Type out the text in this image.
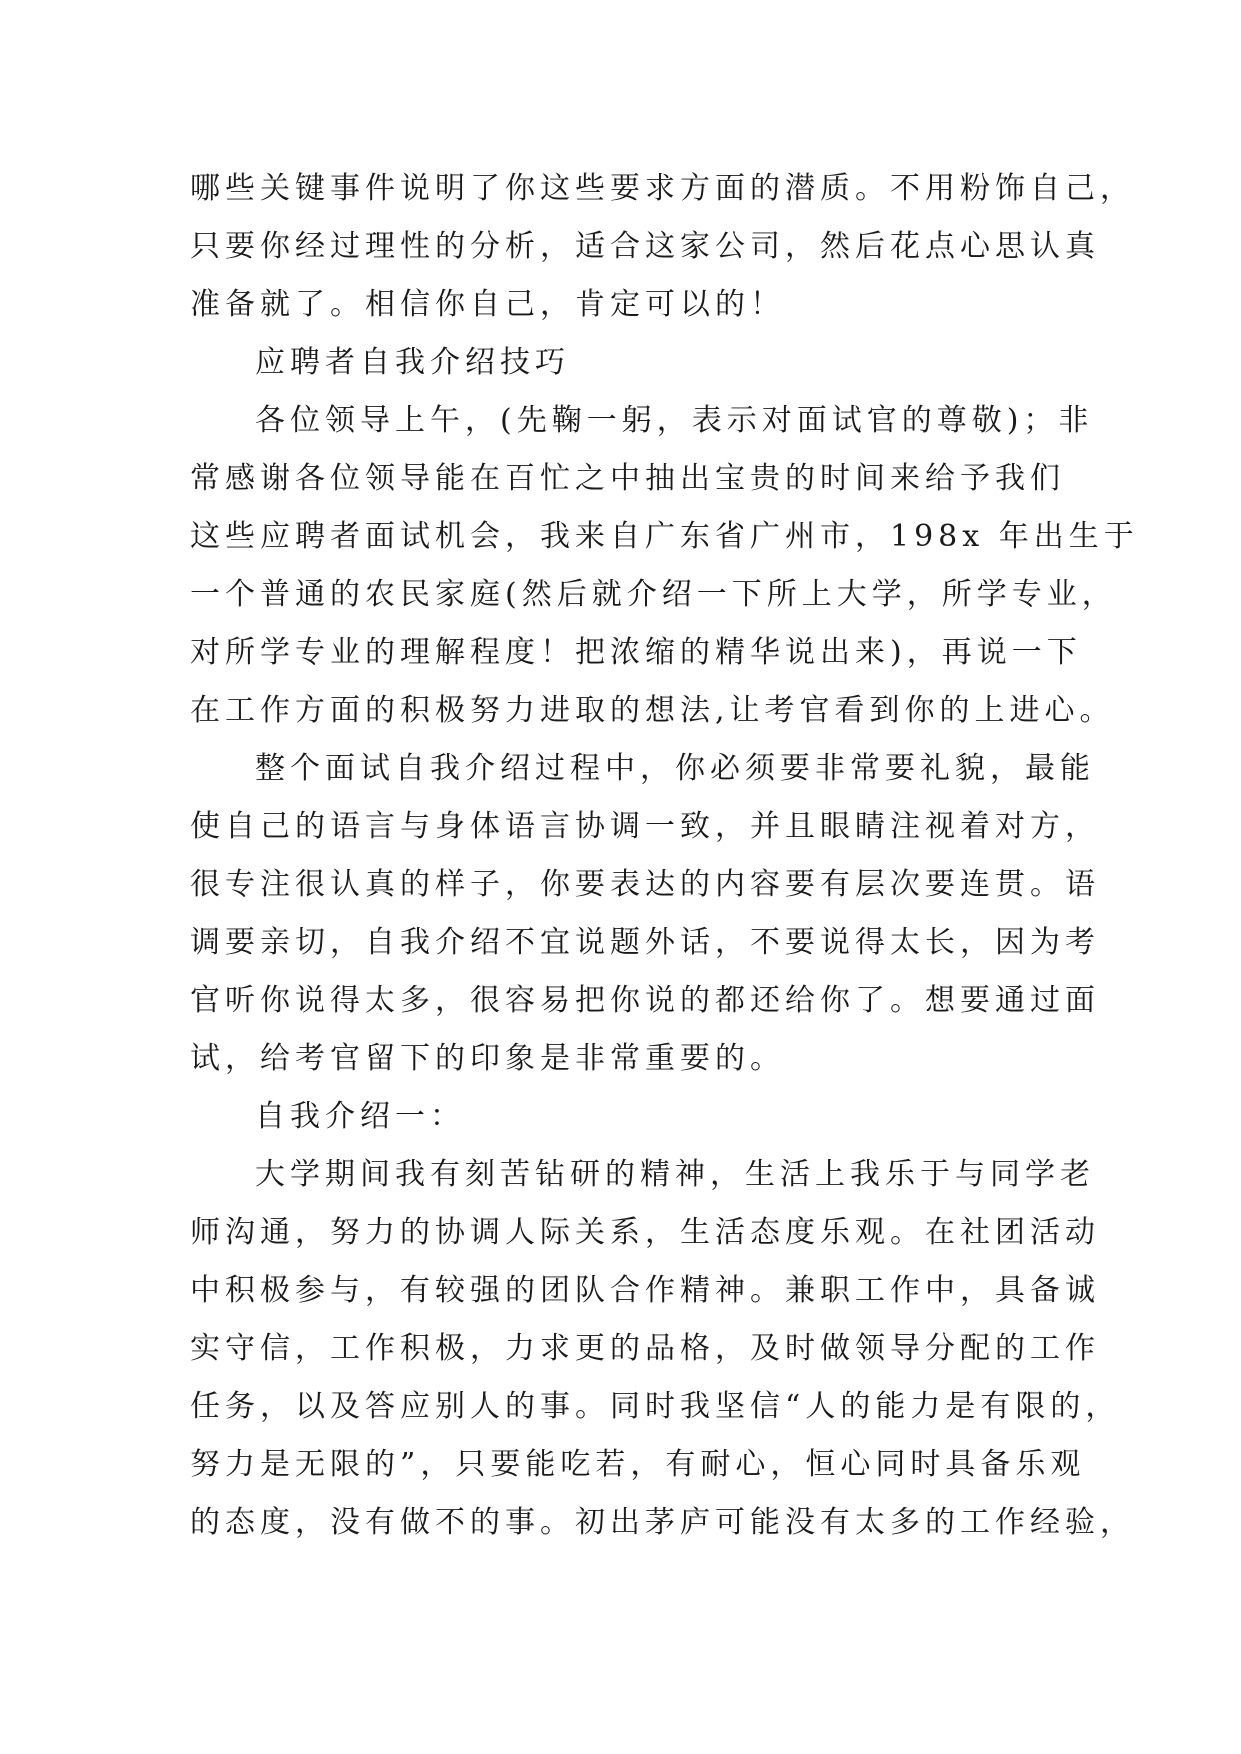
哪些关键事件说明了你这些要求方面的潜质。不用粉饰自己，
只要你经过理性的分析，适合这家公司，然后花点心思认真
准备就了。相信你自己，肯定可以的！
应聘者自我介绍技巧
各位领导上午，(先鞠一躬，表示对面试官的尊敬)；非
常感谢各位领导能在百忙之中抽出宝贵的时间来给予我们
这些应聘者面试机会，我来自广东省广州市，198x 年出生于
一个普通的农民家庭(然后就介绍一下所上大学，所学专业，
对所学专业的理解程度！把浓缩的精华说出来)，再说一下
在工作方面的积极努力进取的想法,让考官看到你的上进心。
整个面试自我介绍过程中，你必须要非常要礼貌，最能
使自己的语言与身体语言协调一致，并且眼睛注视着对方，
很专注很认真的样子，你要表达的内容要有层次要连贯。语
调要亲切，自我介绍不宜说题外话，不要说得太长，因为考
官听你说得太多，很容易把你说的都还给你了。想要通过面
试，给考官留下的印象是非常重要的。
自我介绍一：
大学期间我有刻苦钻研的精神，生活上我乐于与同学老
师沟通，努力的协调人际关系，生活态度乐观。在社团活动
中积极参与，有较强的团队合作精神。兼职工作中，具备诚
实守信，工作积极，力求更的品格，及时做领导分配的工作
任务，以及答应别人的事。同时我坚信“人的能力是有限的，
努力是无限的”，只要能吃若，有耐心，恒心同时具备乐观
的态度，没有做不的事。初出茅庐可能没有太多的工作经验，
